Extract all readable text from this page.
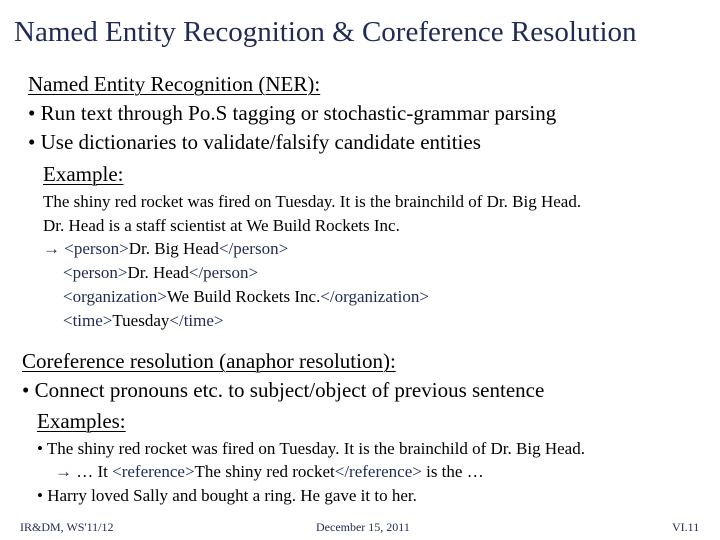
Named Entity Recognition & Coreference Resolution
Named Entity Recognition (NER):
• Run text through Po.S tagging or stochastic-grammar parsing
• Use dictionaries to validate/falsify candidate entities
Example:
The shiny red rocket was fired on Tuesday. It is the brainchild of Dr. Big Head.
Dr. Head is a staff scientist at We Build Rockets Inc.
→ <person>Dr. Big Head</person>
<person>Dr. Head</person>
<organization>We Build Rockets Inc.</organization>
<time>Tuesday</time>
Coreference resolution (anaphor resolution):
• Connect pronouns etc. to subject/object of previous sentence
Examples:
• The shiny red rocket was fired on Tuesday. It is the brainchild of Dr. Big Head.
→ … It <reference>The shiny red rocket</reference> is the …
• Harry loved Sally and bought a ring. He gave it to her.
IR&DM, WS'11/12	December 15, 2011	VI.11
